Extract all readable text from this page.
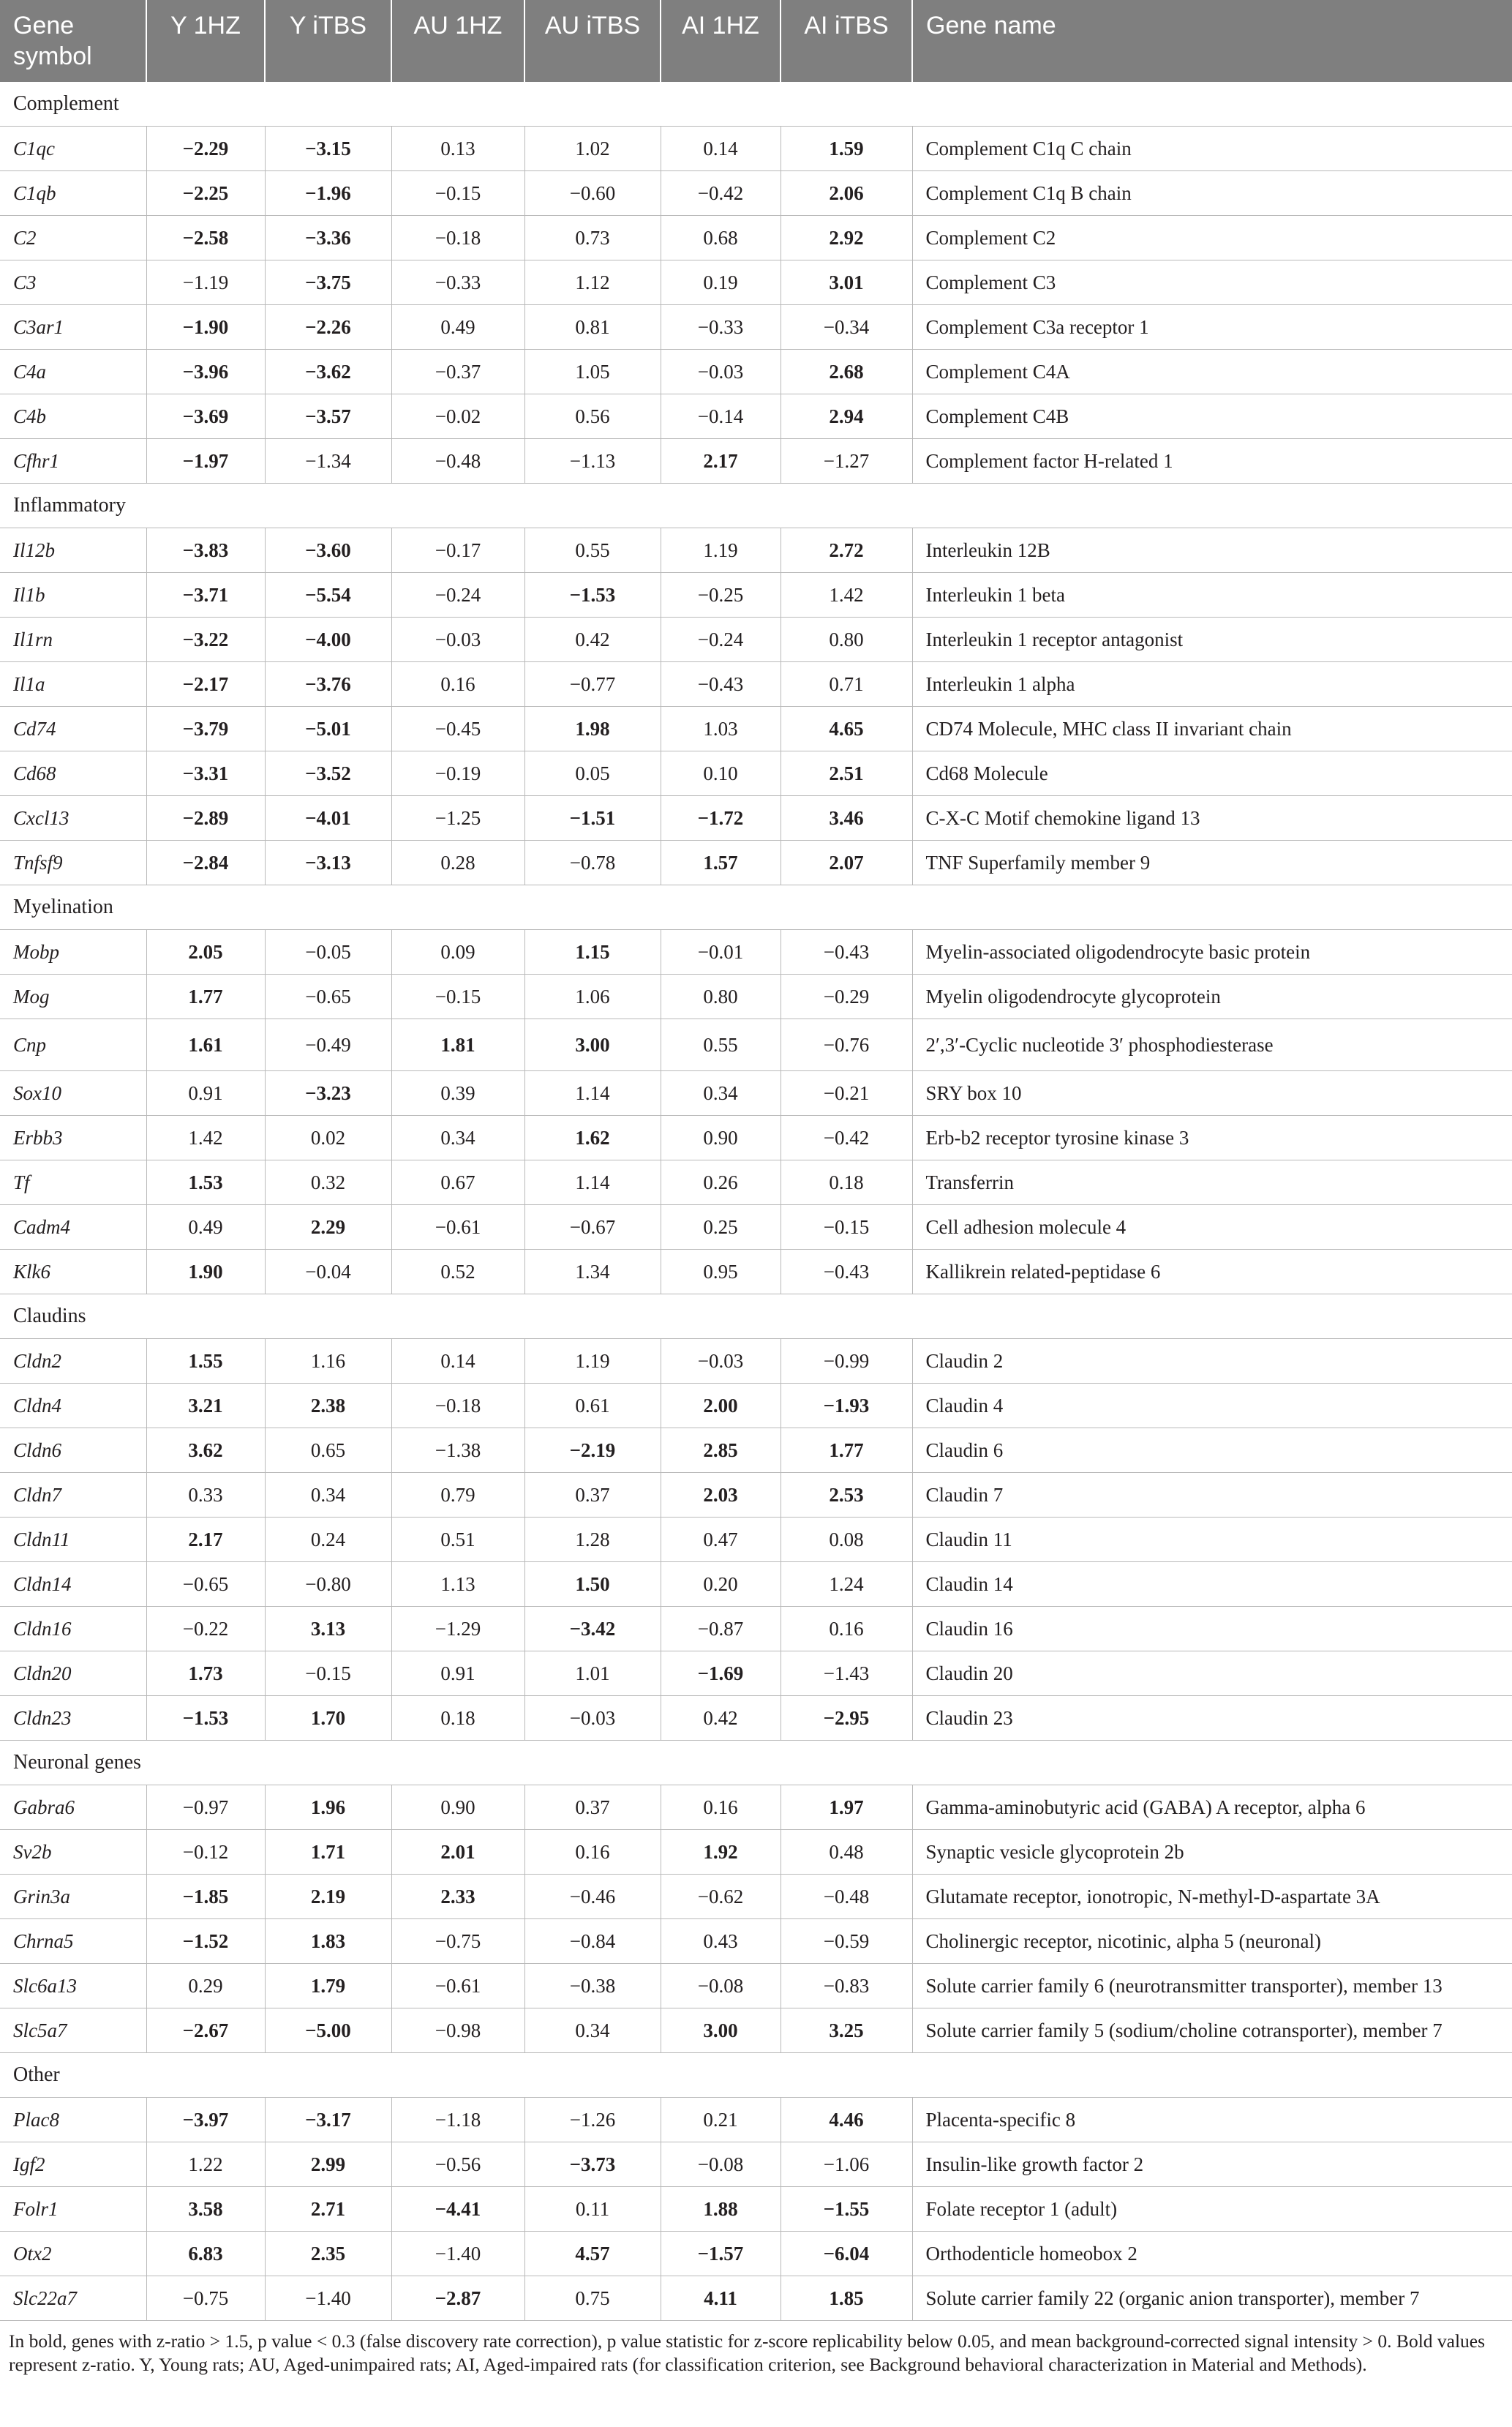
Gene symbol	Y 1HZ	Y iTBS	AU 1HZ	AU iTBS	AI 1HZ	AI iTBS	Gene name
Complement							
C1qc	−2.29	−3.15	0.13	1.02	0.14	1.59	Complement C1q C chain
C1qb	−2.25	−1.96	−0.15	−0.60	−0.42	2.06	Complement C1q B chain
C2	−2.58	−3.36	−0.18	0.73	0.68	2.92	Complement C2
C3	−1.19	−3.75	−0.33	1.12	0.19	3.01	Complement C3
C3ar1	−1.90	−2.26	0.49	0.81	−0.33	−0.34	Complement C3a receptor 1
C4a	−3.96	−3.62	−0.37	1.05	−0.03	2.68	Complement C4A
C4b	−3.69	−3.57	−0.02	0.56	−0.14	2.94	Complement C4B
Cfhr1	−1.97	−1.34	−0.48	−1.13	2.17	−1.27	Complement factor H-related 1
Inflammatory							
Il12b	−3.83	−3.60	−0.17	0.55	1.19	2.72	Interleukin 12B
Il1b	−3.71	−5.54	−0.24	−1.53	−0.25	1.42	Interleukin 1 beta
Il1rn	−3.22	−4.00	−0.03	0.42	−0.24	0.80	Interleukin 1 receptor antagonist
Il1a	−2.17	−3.76	0.16	−0.77	−0.43	0.71	Interleukin 1 alpha
Cd74	−3.79	−5.01	−0.45	1.98	1.03	4.65	CD74 Molecule, MHC class II invariant chain
Cd68	−3.31	−3.52	−0.19	0.05	0.10	2.51	Cd68 Molecule
Cxcl13	−2.89	−4.01	−1.25	−1.51	−1.72	3.46	C-X-C Motif chemokine ligand 13
Tnfsf9	−2.84	−3.13	0.28	−0.78	1.57	2.07	TNF Superfamily member 9
Myelination							
Mobp	2.05	−0.05	0.09	1.15	−0.01	−0.43	Myelin-associated oligodendrocyte basic protein
Mog	1.77	−0.65	−0.15	1.06	0.80	−0.29	Myelin oligodendrocyte glycoprotein
Cnp	1.61	−0.49	1.81	3.00	0.55	−0.76	2′,3′-Cyclic nucleotide 3′ phosphodiesterase
Sox10	0.91	−3.23	0.39	1.14	0.34	−0.21	SRY box 10
Erbb3	1.42	0.02	0.34	1.62	0.90	−0.42	Erb-b2 receptor tyrosine kinase 3
Tf	1.53	0.32	0.67	1.14	0.26	0.18	Transferrin
Cadm4	0.49	2.29	−0.61	−0.67	0.25	−0.15	Cell adhesion molecule 4
Klk6	1.90	−0.04	0.52	1.34	0.95	−0.43	Kallikrein related-peptidase 6
Claudins							
Cldn2	1.55	1.16	0.14	1.19	−0.03	−0.99	Claudin 2
Cldn4	3.21	2.38	−0.18	0.61	2.00	−1.93	Claudin 4
Cldn6	3.62	0.65	−1.38	−2.19	2.85	1.77	Claudin 6
Cldn7	0.33	0.34	0.79	0.37	2.03	2.53	Claudin 7
Cldn11	2.17	0.24	0.51	1.28	0.47	0.08	Claudin 11
Cldn14	−0.65	−0.80	1.13	1.50	0.20	1.24	Claudin 14
Cldn16	−0.22	3.13	−1.29	−3.42	−0.87	0.16	Claudin 16
Cldn20	1.73	−0.15	0.91	1.01	−1.69	−1.43	Claudin 20
Cldn23	−1.53	1.70	0.18	−0.03	0.42	−2.95	Claudin 23
Neuronal genes							
Gabra6	−0.97	1.96	0.90	0.37	0.16	1.97	Gamma-aminobutyric acid (GABA) A receptor, alpha 6
Sv2b	−0.12	1.71	2.01	0.16	1.92	0.48	Synaptic vesicle glycoprotein 2b
Grin3a	−1.85	2.19	2.33	−0.46	−0.62	−0.48	Glutamate receptor, ionotropic, N-methyl-D-aspartate 3A
Chrna5	−1.52	1.83	−0.75	−0.84	0.43	−0.59	Cholinergic receptor, nicotinic, alpha 5 (neuronal)
Slc6a13	0.29	1.79	−0.61	−0.38	−0.08	−0.83	Solute carrier family 6 (neurotransmitter transporter), member 13
Slc5a7	−2.67	−5.00	−0.98	0.34	3.00	3.25	Solute carrier family 5 (sodium/choline cotransporter), member 7
Other							
Plac8	−3.97	−3.17	−1.18	−1.26	0.21	4.46	Placenta-specific 8
Igf2	1.22	2.99	−0.56	−3.73	−0.08	−1.06	Insulin-like growth factor 2
Folr1	3.58	2.71	−4.41	0.11	1.88	−1.55	Folate receptor 1 (adult)
Otx2	6.83	2.35	−1.40	4.57	−1.57	−6.04	Orthodenticle homeobox 2
Slc22a7	−0.75	−1.40	−2.87	0.75	4.11	1.85	Solute carrier family 22 (organic anion transporter), member 7
In bold, genes with z-ratio > 1.5, p value < 0.3 (false discovery rate correction), p value statistic for z-score replicability below 0.05, and mean background-corrected signal intensity > 0. Bold values represent z-ratio. Y, Young rats; AU, Aged-unimpaired rats; AI, Aged-impaired rats (for classification criterion, see Background behavioral characterization in Material and Methods).
